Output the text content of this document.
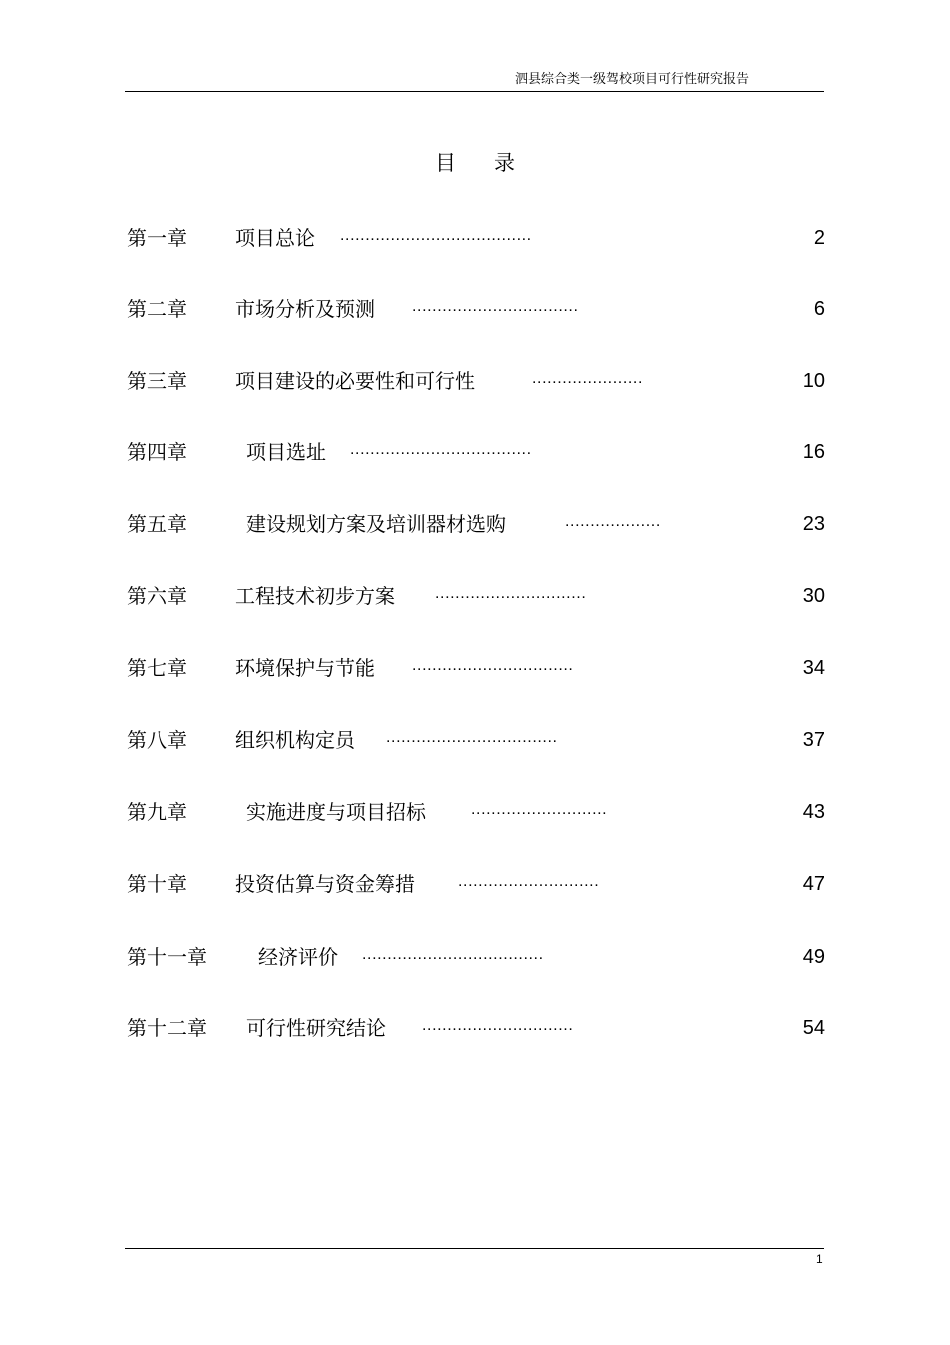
泗县综合类一级驾校项目可行性研究报告
目录
第一章 项目总论 ......................................	2
第二章 市场分析及预测 .................................	6
第三章 项目建设的必要性和可行性	......................	10
第四章	项目选址 ....................................	16
第五章	建设规划方案及培训器材选购	...................	23
第六章 工程技术初步方案	..............................	30
第七章 环境保护与节能 ................................	34
第八章 组织机构定员 ..................................	37
第九章	实施进度与项目招标	...........................	43
第十章 投资估算与资金筹措	............................	47
第十一章	经济评价 ....................................	49
第十二章 可行性研究结论 ..............................	54
1
